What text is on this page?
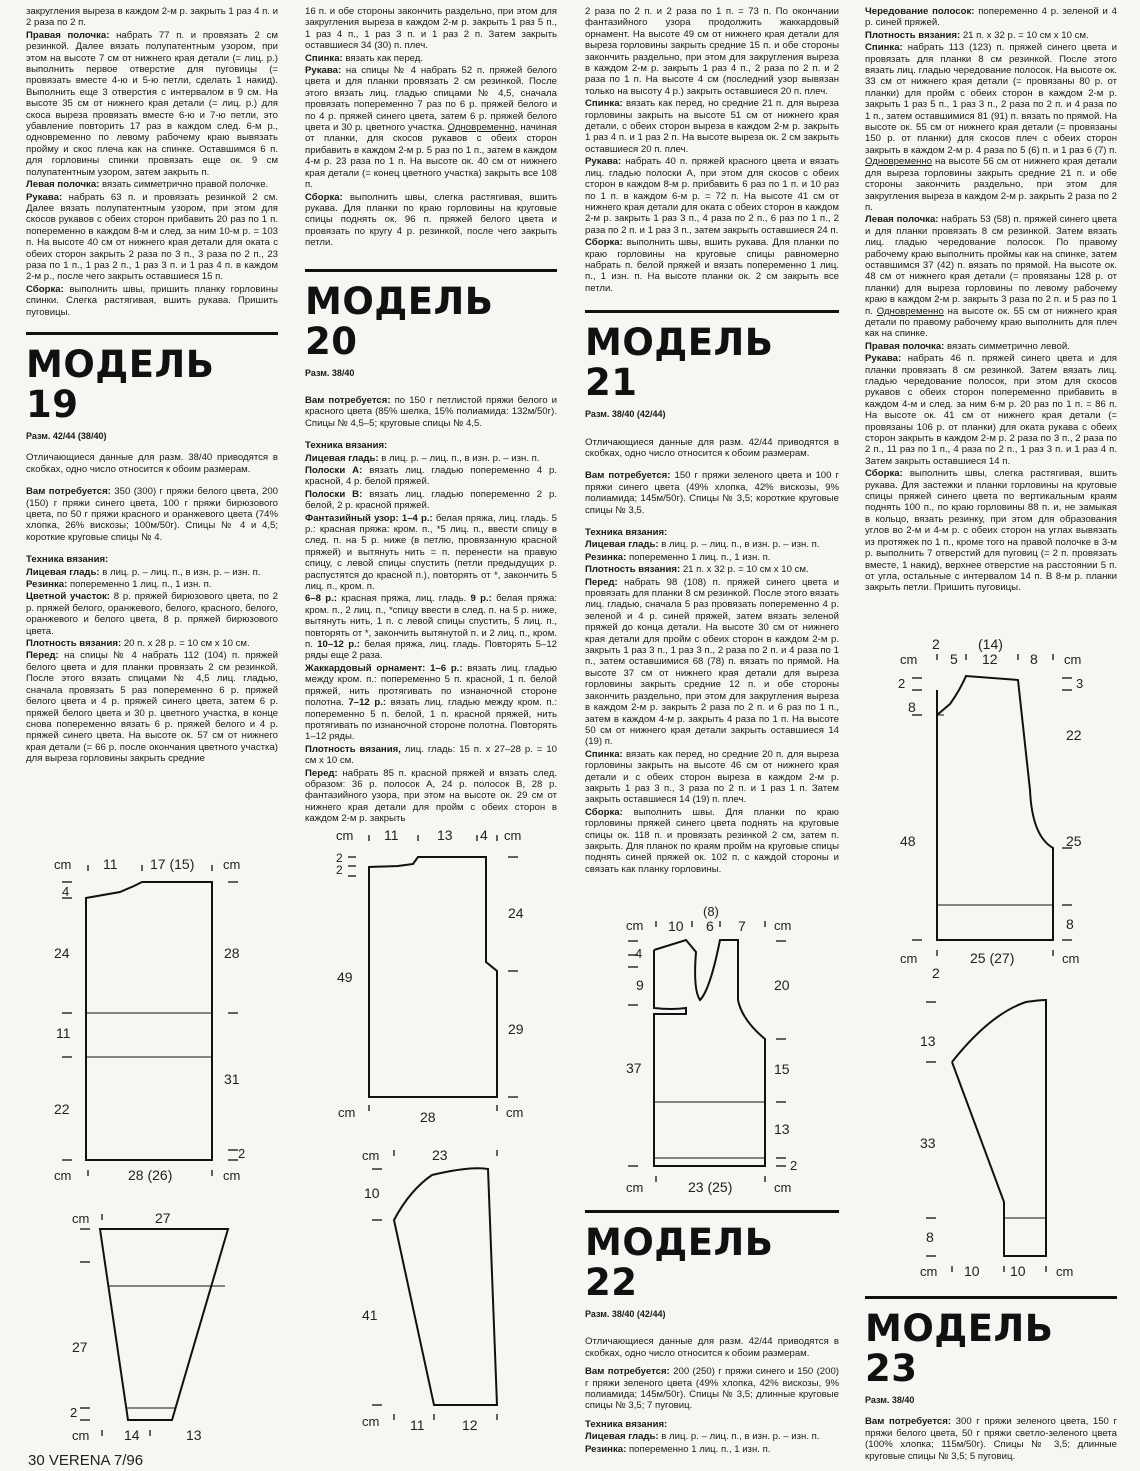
закругления выреза в каждом 2-м р. закрыть 1 раз 4 п. и 2 раза по 2 п.

Правая полочка: набрать 77 п. и провязать 2 см резинкой. Далее вязать полупатентным узором, при этом на высоте 7 см от нижнего края детали (= лиц. р.) выполнить первое отверстие для пуговицы (= провязать вместе 4-ю и 5-ю петли, сделать 1 накид). Выполнить еще 3 отверстия с интервалом в 9 см. На высоте 35 см от нижнего края детали (= лиц. р.) для скоса выреза провязать вместе 6-ю и 7-ю петли, это убавление повторить 17 раз в каждом след. 6-м р., одновременно по левому рабочему краю вывязать пройму и скос плеча как на спинке. Оставшимся 6 п. для горловины спинки провязать еще ок. 9 см полупатентным узором, затем закрыть п.

Левая полочка: вязать симметрично правой полочке.

Рукава: набрать 63 п. и провязать резинкой 2 см. Далее вязать полупатентным узором, при этом для скосов рукавов с обеих сторон прибавить 20 раз по 1 п. попеременно в каждом 8-м и след. за ним 10-м р. = 103 п. На высоте 40 см от нижнего края детали для оката с обеих сторон закрыть 2 раза по 3 п., 3 раза по 2 п., 23 раза по 1 п., 1 раз 2 п., 1 раз 3 п. и 1 раз 4 п. в каждом 2-м р., после чего закрыть оставшиеся 15 п.

Сборка: выполнить швы, пришить планку горловины спинки. Слегка растягивая, вшить рукава. Пришить пуговицы.

МОДЕЛЬ 19
Разм. 42/44 (38/40)

Отличающиеся данные для разм. 38/40 приводятся в скобках, одно число относится к обоим размерам.

Вам потребуется: 350 (300) г пряжи белого цвета, 200 (150) г пряжи синего цвета, 100 г пряжи бирюзового цвета, по 50 г пряжи красного и оранжевого цвета (74% хлопка, 26% вискозы; 100м/50г). Спицы № 4 и 4,5; короткие круговые спицы № 4.

Техника вязания:

Лицевая гладь: в лиц. р. – лиц. п., в изн. р. – изн. п.

Резинка: попеременно 1 лиц. п., 1 изн. п.

Цветной участок: 8 р. пряжей бирюзового цвета, по 2 р. пряжей белого, оранжевого, белого, красного, белого, оранжевого и белого цвета, 8 р. пряжей бирюзового цвета.

Плотность вязания: 20 п. х 28 р. = 10 см х 10 см.

Перед: на спицы № 4 набрать 112 (104) п. пряжей белого цвета и для планки провязать 2 см резинкой. После этого вязать спицами № 4,5 лиц. гладью, сначала провязать 5 раз попеременно 6 р. пряжей белого цвета и 4 р. пряжей синего цвета, затем 6 р. пряжей белого цвета и 30 р. цветного участка, в конце снова попеременно вязать 6 р. пряжей белого и 4 р. пряжей синего цвета. На высоте ок. 57 см от нижнего края детали (= 66 р. после окончания цветного участка) для выреза горловины закрыть средние

16 п. и обе стороны закончить раздельно, при этом для закругления выреза в каждом 2-м р. закрыть 1 раз 5 п., 1 раз 4 п., 1 раз 3 п. и 1 раз 2 п. Затем закрыть оставшиеся 34 (30) п. плеч.

Спинка: вязать как перед.

Рукава: на спицы № 4 набрать 52 п. пряжей белого цвета и для планки провязать 2 см резинкой. После этого вязать лиц. гладью спицами № 4,5, сначала провязать попеременно 7 раз по 6 р. пряжей белого и по 4 р. пряжей синего цвета, затем 6 р. пряжей белого цвета и 30 р. цветного участка. Одновременно, начиная от планки, для скосов рукавов с обеих сторон прибавить в каждом 2-м р. 5 раз по 1 п., затем в каждом 4-м р. 23 раза по 1 п. На высоте ок. 40 см от нижнего края детали (= конец цветного участка) закрыть все 108 п.

Сборка: выполнить швы, слегка растягивая, вшить рукава. Для планки по краю горловины на круговые спицы поднять ок. 96 п. пряжей белого цвета и провязать по кругу 4 р. резинкой, после чего закрыть петли.

МОДЕЛЬ 20
Разм. 38/40

Вам потребуется: по 150 г петлистой пряжи белого и красного цвета (85% шелка, 15% полиамида: 132м/50г). Спицы № 4,5–5; круговые спицы № 4,5.

Техника вязания:

Лицевая гладь: в лиц. р. – лиц. п., в изн. р. – изн. п.

Полоски А: вязать лиц. гладью попеременно 4 р. красной, 4 р. белой пряжей.

Полоски В: вязать лиц. гладью попеременно 2 р. белой, 2 р. красной пряжей.

Фантазийный узор: 1–4 р.: белая пряжа, лиц. гладь. 5 р.: красная пряжа: кром. п., *5 лиц. п., ввести спицу в след. п. на 5 р. ниже (в петлю, провязанную красной пряжей) и вытянуть нить = п. перенести на правую спицу, с левой спицы спустить (петли предыдущих р. распустятся до красной п.), повторять от *, закончить 5 лиц. п., кром. п.

6–8 р.: красная пряжа, лиц. гладь. 9 р.: белая пряжа: кром. п., 2 лиц. п., *спицу ввести в след. п. на 5 р. ниже, вытянуть нить, 1 п. с левой спицы спустить, 5 лиц. п., повторять от *, закончить вытянутой п. и 2 лиц. п., кром. п. 10–12 р.: белая пряжа, лиц. гладь. Повторять 5–12 ряды еще 2 раза.

Жаккардовый орнамент: 1–6 р.: вязать лиц. гладью между кром. п.: попеременно 5 п. красной, 1 п. белой пряжей, нить протягивать по изнаночной стороне полотна. 7–12 р.: вязать лиц. гладью между кром. п.: попеременно 5 п. белой, 1 п. красной пряжей, нить протягивать по изнаночной стороне полотна. Повторять 1–12 ряды.

Плотность вязания, лиц. гладь: 15 п. х 27–28 р. = 10 см х 10 см.

Перед: набрать 85 п. красной пряжей и вязать след. образом: 36 р. полосок А, 24 р. полосок В, 28 р. фантазийного узора, при этом на высоте ок. 29 см от нижнего края детали для пройм с обеих сторон в каждом 2-м р. закрыть

2 раза по 2 п. и 2 раза по 1 п. = 73 п. По окончании фантазийного узора продолжить жаккардовый орнамент. На высоте 49 см от нижнего края детали для выреза горловины закрыть средние 15 п. и обе стороны закончить раздельно, при этом для закругления выреза в каждом 2-м р. закрыть 1 раз 4 п., 2 раза по 2 п. и 2 раза по 1 п. На высоте 4 см (последний узор вывязан только на высоту 4 р.) закрыть оставшиеся 20 п. плеч.

Спинка: вязать как перед, но средние 21 п. для выреза горловины закрыть на высоте 51 см от нижнего края детали, с обеих сторон выреза в каждом 2-м р. закрыть 1 раз 4 п. и 1 раз 2 п. На высоте выреза ок. 2 см закрыть оставшиеся 20 п. плеч.

Рукава: набрать 40 п. пряжей красного цвета и вязать лиц. гладью полоски А, при этом для скосов с обеих сторон в каждом 8-м р. прибавить 6 раз по 1 п. и 10 раз по 1 п. в каждом 6-м р. = 72 п. На высоте 41 см от нижнего края детали для оката с обеих сторон в каждом 2-м р. закрыть 1 раз 3 п., 4 раза по 2 п., 6 раз по 1 п., 2 раза по 2 п. и 1 раз 3 п., затем закрыть оставшиеся 24 п.

Сборка: выполнить швы, вшить рукава. Для планки по краю горловины на круговые спицы равномерно набрать п. белой пряжей и вязать попеременно 1 лиц. п., 1 изн. п. На высоте планки ок. 2 см закрыть все петли.

МОДЕЛЬ 21
Разм. 38/40 (42/44)

Отличающиеся данные для разм. 42/44 приводятся в скобках, одно число относится к обоим размерам.

Вам потребуется: 150 г пряжи зеленого цвета и 100 г пряжи синего цвета (49% хлопка, 42% вискозы, 9% полиамида; 145м/50г). Спицы № 3,5; короткие круговые спицы № 3,5.

Техника вязания:

Лицевая гладь: в лиц. р. – лиц. п., в изн. р. – изн. п.

Резинка: попеременно 1 лиц. п., 1 изн. п.

Плотность вязания: 21 п. х 32 р. = 10 см х 10 см.

Перед: набрать 98 (108) п. пряжей синего цвета и провязать для планки 8 см резинкой. После этого вязать лиц. гладью, сначала 5 раз провязать попеременно 4 р. зеленой и 4 р. синей пряжей, затем вязать зеленой пряжей до конца детали. На высоте 30 см от нижнего края детали для пройм с обеих сторон в каждом 2-м р. закрыть 1 раз 3 п., 1 раз 3 п., 2 раза по 2 п. и 4 раза по 1 п., затем оставшимися 68 (78) п. вязать по прямой. На высоте 37 см от нижнего края детали для выреза горловины закрыть средние 12 п. и обе стороны закончить раздельно, при этом для закругления выреза в каждом 2-м р. закрыть 2 раза по 2 п. и 6 раз по 1 п., затем в каждом 4-м р. закрыть 4 раза по 1 п. На высоте 50 см от нижнего края детали закрыть оставшиеся 14 (19) п.

Спинка: вязать как перед, но средние 20 п. для выреза горловины закрыть на высоте 46 см от нижнего края детали и с обеих сторон выреза в каждом 2-м р. закрыть 1 раз 3 п., 3 раза по 2 п. и 1 раз 1 п. Затем закрыть оставшиеся 14 (19) п. плеч.

Сборка: выполнить швы. Для планки по краю горловины пряжей синего цвета поднять на круговые спицы ок. 118 п. и провязать резинкой 2 см, затем п. закрыть. Для планок по краям пройм на круговые спицы поднять синей пряжей ок. 102 п. с каждой стороны и связать как планку горловины.

МОДЕЛЬ 22
Разм. 38/40 (42/44)

Отличающиеся данные для разм. 42/44 приводятся в скобках, одно число относится к обоим размерам.

Вам потребуется: 200 (250) г пряжи синего и 150 (200) г пряжи зеленого цвета (49% хлопка, 42% вискозы, 9% полиамида; 145м/50г). Спицы № 3,5; длинные круговые спицы № 3,5; 7 пуговиц.

Техника вязания:

Лицевая гладь: в лиц. р. – лиц. п., в изн. р. – изн. п.

Резинка: попеременно 1 лиц. п., 1 изн. п.

Чередование полосок: попеременно 4 р. зеленой и 4 р. синей пряжей.

Плотность вязания: 21 п. х 32 р. = 10 см х 10 см.

Спинка: набрать 113 (123) п. пряжей синего цвета и провязать для планки 8 см резинкой. После этого вязать лиц. гладью чередование полосок. На высоте ок. 33 см от нижнего края детали (= провязаны 80 р. от планки) для пройм с обеих сторон в каждом 2-м р. закрыть 1 раз 5 п., 1 раз 3 п., 2 раза по 2 п. и 4 раза по 1 п., затем оставшимися 81 (91) п. вязать по прямой. На высоте ок. 55 см от нижнего края детали (= провязаны 150 р. от планки) для скосов плеч с обеих сторон закрыть в каждом 2-м р. 4 раза по 5 (6) п. и 1 раз 6 (7) п. Одновременно на высоте 56 см от нижнего края детали для выреза горловины закрыть средние 21 п. и обе стороны закончить раздельно, при этом для закругления выреза в каждом 2-м р. закрыть 2 раза по 2 п.

Левая полочка: набрать 53 (58) п. пряжей синего цвета и для планки провязать 8 см резинкой. Затем вязать лиц. гладью чередование полосок. По правому рабочему краю выполнить проймы как на спинке, затем оставшимся 37 (42) п. вязать по прямой. На высоте ок. 48 см от нижнего края детали (= провязаны 128 р. от планки) для выреза горловины по левому рабочему краю в каждом 2-м р. закрыть 3 раза по 2 п. и 5 раз по 1 п. Одновременно на высоте ок. 55 см от нижнего края детали по правому рабочему краю выполнить для плеч как на спинке.

Правая полочка: вязать симметрично левой.

Рукава: набрать 46 п. пряжей синего цвета и для планки провязать 8 см резинкой. Затем вязать лиц. гладью чередование полосок, при этом для скосов рукавов с обеих сторон попеременно прибавить в каждом 4-м и след. за ним 6-м р. 20 раз по 1 п. = 86 п. На высоте ок. 41 см от нижнего края детали (= провязаны 106 р. от планки) для оката рукава с обеих сторон закрыть в каждом 2-м р. 2 раза по 3 п., 2 раза по 2 п., 11 раз по 1 п., 4 раза по 2 п., 1 раз 3 п. и 1 раз 4 п. Затем закрыть оставшиеся 14 п.

Сборка: выполнить швы, слегка растягивая, вшить рукава. Для застежки и планки горловины на круговые спицы пряжей синего цвета по вертикальным краям поднять 100 п., по краю горловины 88 п. и, не замыкая в кольцо, вязать резинку, при этом для образования углов во 2-м и 4-м р. с обеих сторон на углах вывязать из протяжек по 1 п., кроме того на правой полочке в 3-м р. выполнить 7 отверстий для пуговиц (= 2 п. провязать вместе, 1 накид), верхнее отверстие на расстоянии 5 п. от угла, остальные с интервалом 14 п. В 8-м р. планки закрыть петли. Пришить пуговицы.

МОДЕЛЬ 23
Разм. 38/40

Вам потребуется: 300 г пряжи зеленого цвета, 150 г пряжи белого цвета, 50 г пряжи светло-зеленого цвета (100% хлопка; 115м/50г). Спицы № 3,5; длинные круговые спицы № 3,5; 5 пуговиц.

cm 11 17 (15) cm
4
24
11
22
28
31
2
cm	28 (26)	cm
cm	27
27
2
cm 14	13
cm 11	13 4 cm
2
2
49
24
29
cm	28	cm
cm	23
10
41
cm 11	12
(8)
cm 10 6 7 cm
4
9
37
20
15
13
2
cm	23 (25)	cm
2	(14)
cm 5 12 8 cm
2
8
48
3
22
25
8
cm
2
25 (27)	cm
13
33
8
cm 10 10 cm
30 VERENA 7/96
